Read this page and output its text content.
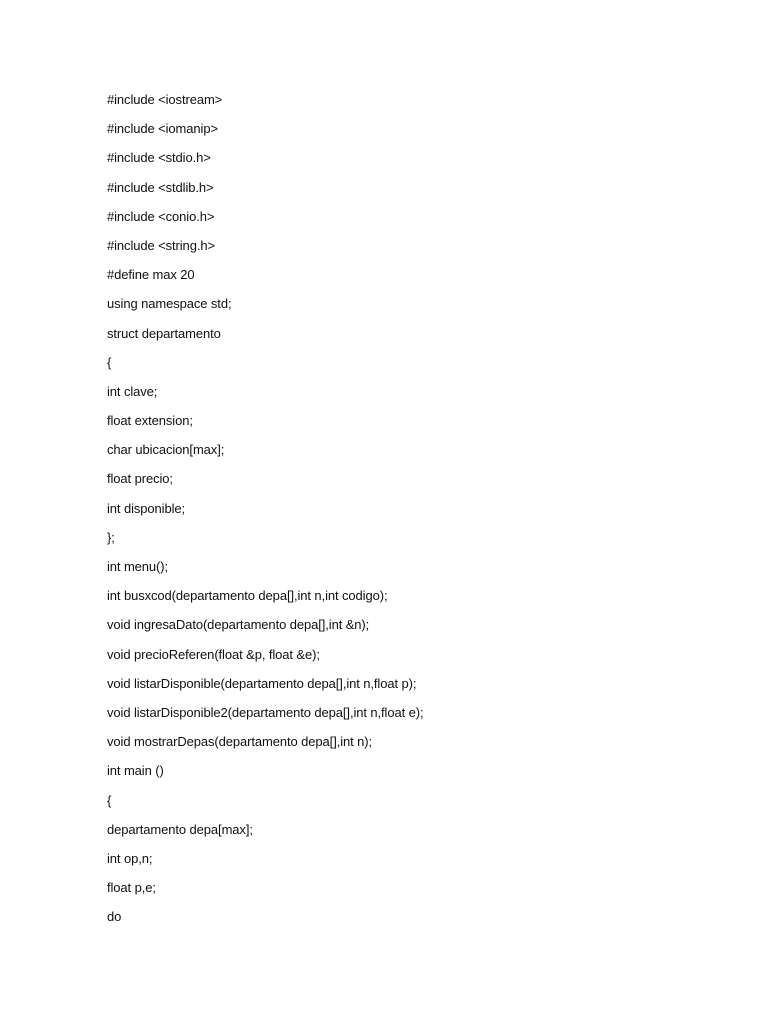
#include <iostream>
#include <iomanip>
#include <stdio.h>
#include <stdlib.h>
#include <conio.h>
#include <string.h>
#define max 20
using namespace std;
struct departamento
{
int clave;
float extension;
char ubicacion[max];
float precio;
int disponible;
};
int menu();
int busxcod(departamento depa[],int n,int codigo);
void ingresaDato(departamento depa[],int &n);
void precioReferen(float &p, float &e);
void listarDisponible(departamento depa[],int n,float p);
void listarDisponible2(departamento depa[],int n,float e);
void mostrarDepas(departamento depa[],int n);
int main ()
{
departamento depa[max];
int op,n;
float p,e;
do
